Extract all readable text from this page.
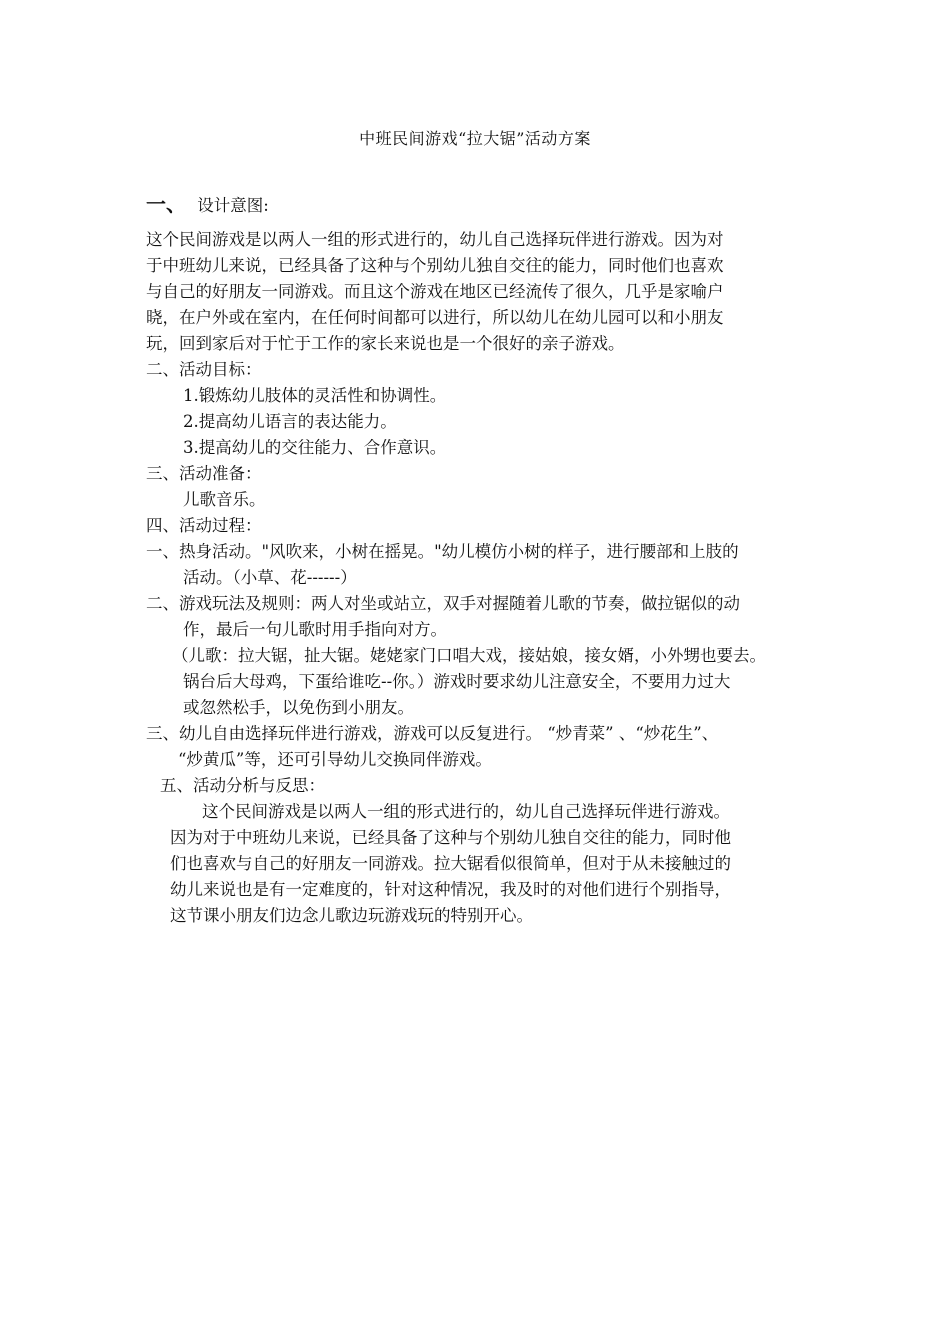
中班民间游戏“拉大锯”活动方案
一、 设计意图:
这个民间游戏是以两人一组的形式进行的，幼儿自己选择玩伴进行游戏。因为对
于中班幼儿来说，已经具备了这种与个别幼儿独自交往的能力，同时他们也喜欢
与自己的好朋友一同游戏。而且这个游戏在地区已经流传了很久，几乎是家喻户
晓，在户外或在室内，在任何时间都可以进行，所以幼儿在幼儿园可以和小朋友
玩，回到家后对于忙于工作的家长来说也是一个很好的亲子游戏。
二、活动目标：
1.锻炼幼儿肢体的灵活性和协调性。
2.提高幼儿语言的表达能力。
3.提高幼儿的交往能力、合作意识。
三、活动准备：
儿歌音乐。
四、活动过程：
一、热身活动。"风吹来，小树在摇晃。"幼儿模仿小树的样子，进行腰部和上肢的
活动。（小草、花------）
二、游戏玩法及规则：两人对坐或站立，双手对握随着儿歌的节奏，做拉锯似的动
作，最后一句儿歌时用手指向对方。
（儿歌：拉大锯，扯大锯。姥姥家门口唱大戏，接姑娘，接女婿，小外甥也要去。
锅台后大母鸡，下蛋给谁吃--你。）游戏时要求幼儿注意安全，不要用力过大
或忽然松手，以免伤到小朋友。
三、幼儿自由选择玩伴进行游戏，游戏可以反复进行。 “炒青菜” 、“炒花生”、
“炒黄瓜”等，还可引导幼儿交换同伴游戏。
五、活动分析与反思：
这个民间游戏是以两人一组的形式进行的，幼儿自己选择玩伴进行游戏。
因为对于中班幼儿来说，已经具备了这种与个别幼儿独自交往的能力，同时他
们也喜欢与自己的好朋友一同游戏。拉大锯看似很简单，但对于从未接触过的
幼儿来说也是有一定难度的，针对这种情况，我及时的对他们进行个别指导，
这节课小朋友们边念儿歌边玩游戏玩的特别开心。
